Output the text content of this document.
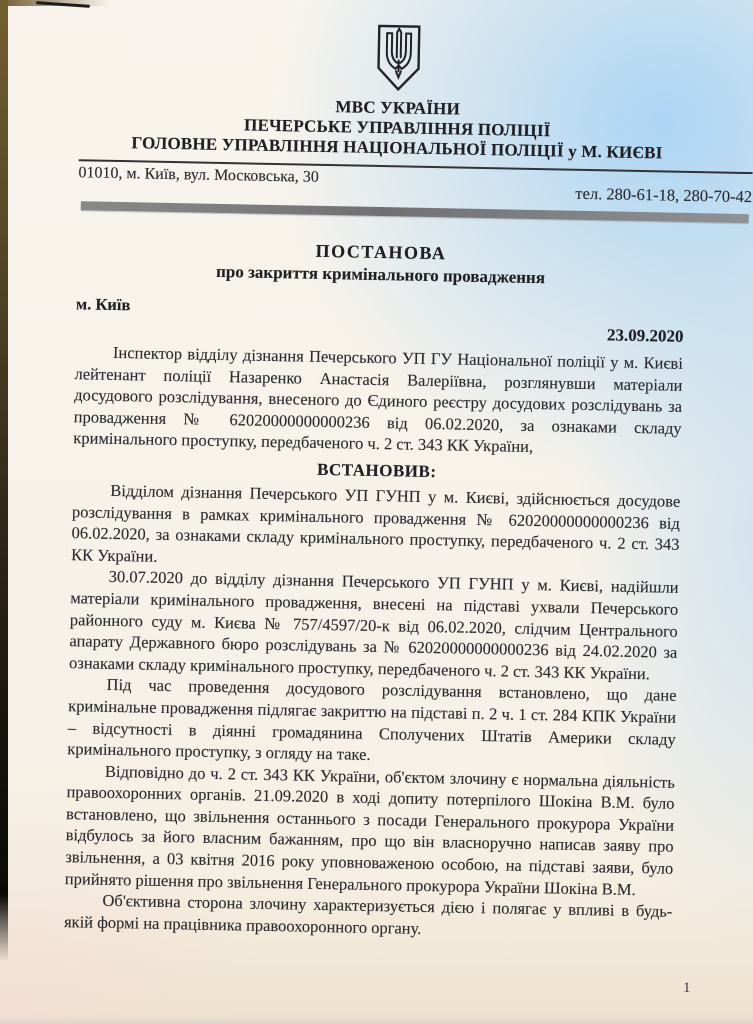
МВС УКРАЇНИ
ПЕЧЕРСЬКЕ УПРАВЛІННЯ ПОЛІЦІЇ
ГОЛОВНЕ УПРАВЛІННЯ НАЦІОНАЛЬНОЇ ПОЛІЦІЇ у М. КИЄВІ
01010, м. Київ, вул. Московська, 30
тел. 280-61-18, 280-70-42
ПОСТАНОВА
про закриття кримінального провадження
м. Київ
23.09.2020

Інспектор відділу дізнання Печерського УП ГУ Національної поліції у м. Києві лейтенант поліції Назаренко Анастасія Валеріївна, розглянувши матеріали досудового розслідування, внесеного до Єдиного реєстру досудових розслідувань за провадження № 62020000000000236 від 06.02.2020, за ознаками складу кримінального проступку, передбаченого ч. 2 ст. 343 КК України,

ВСТАНОВИВ:

Відділом дізнання Печерського УП ГУНП у м. Києві, здійснюється досудове розслідування в рамках кримінального провадження № 62020000000000236 від 06.02.2020, за ознаками складу кримінального проступку, передбаченого ч. 2 ст. 343 КК України.

30.07.2020 до відділу дізнання Печерського УП ГУНП у м. Києві, надійшли матеріали кримінального провадження, внесені на підставі ухвали Печерського районного суду м. Києва № 757/4597/20-к від 06.02.2020, слідчим Центрального апарату Державного бюро розслідувань за № 62020000000000236 від 24.02.2020 за ознаками складу кримінального проступку, передбаченого ч. 2 ст. 343 КК України.

Під час проведення досудового розслідування встановлено, що дане кримінальне провадження підлягає закриттю на підставі п. 2 ч. 1 ст. 284 КПК України – відсутності в діянні громадянина Сполучених Штатів Америки складу кримінального проступку, з огляду на таке.

Відповідно до ч. 2 ст. 343 КК України, об'єктом злочину є нормальна діяльність правоохоронних органів. 21.09.2020 в ході допиту потерпілого Шокіна В.М. було встановлено, що звільнення останнього з посади Генерального прокурора України відбулось за його власним бажанням, про що він власноручно написав заяву про звільнення, а 03 квітня 2016 року уповноваженою особою, на підставі заяви, було прийнято рішення про звільнення Генерального прокурора України Шокіна В.М.

Об'єктивна сторона злочину характеризується дією і полягає у впливі в будь-якій формі на працівника правоохоронного органу.

1
